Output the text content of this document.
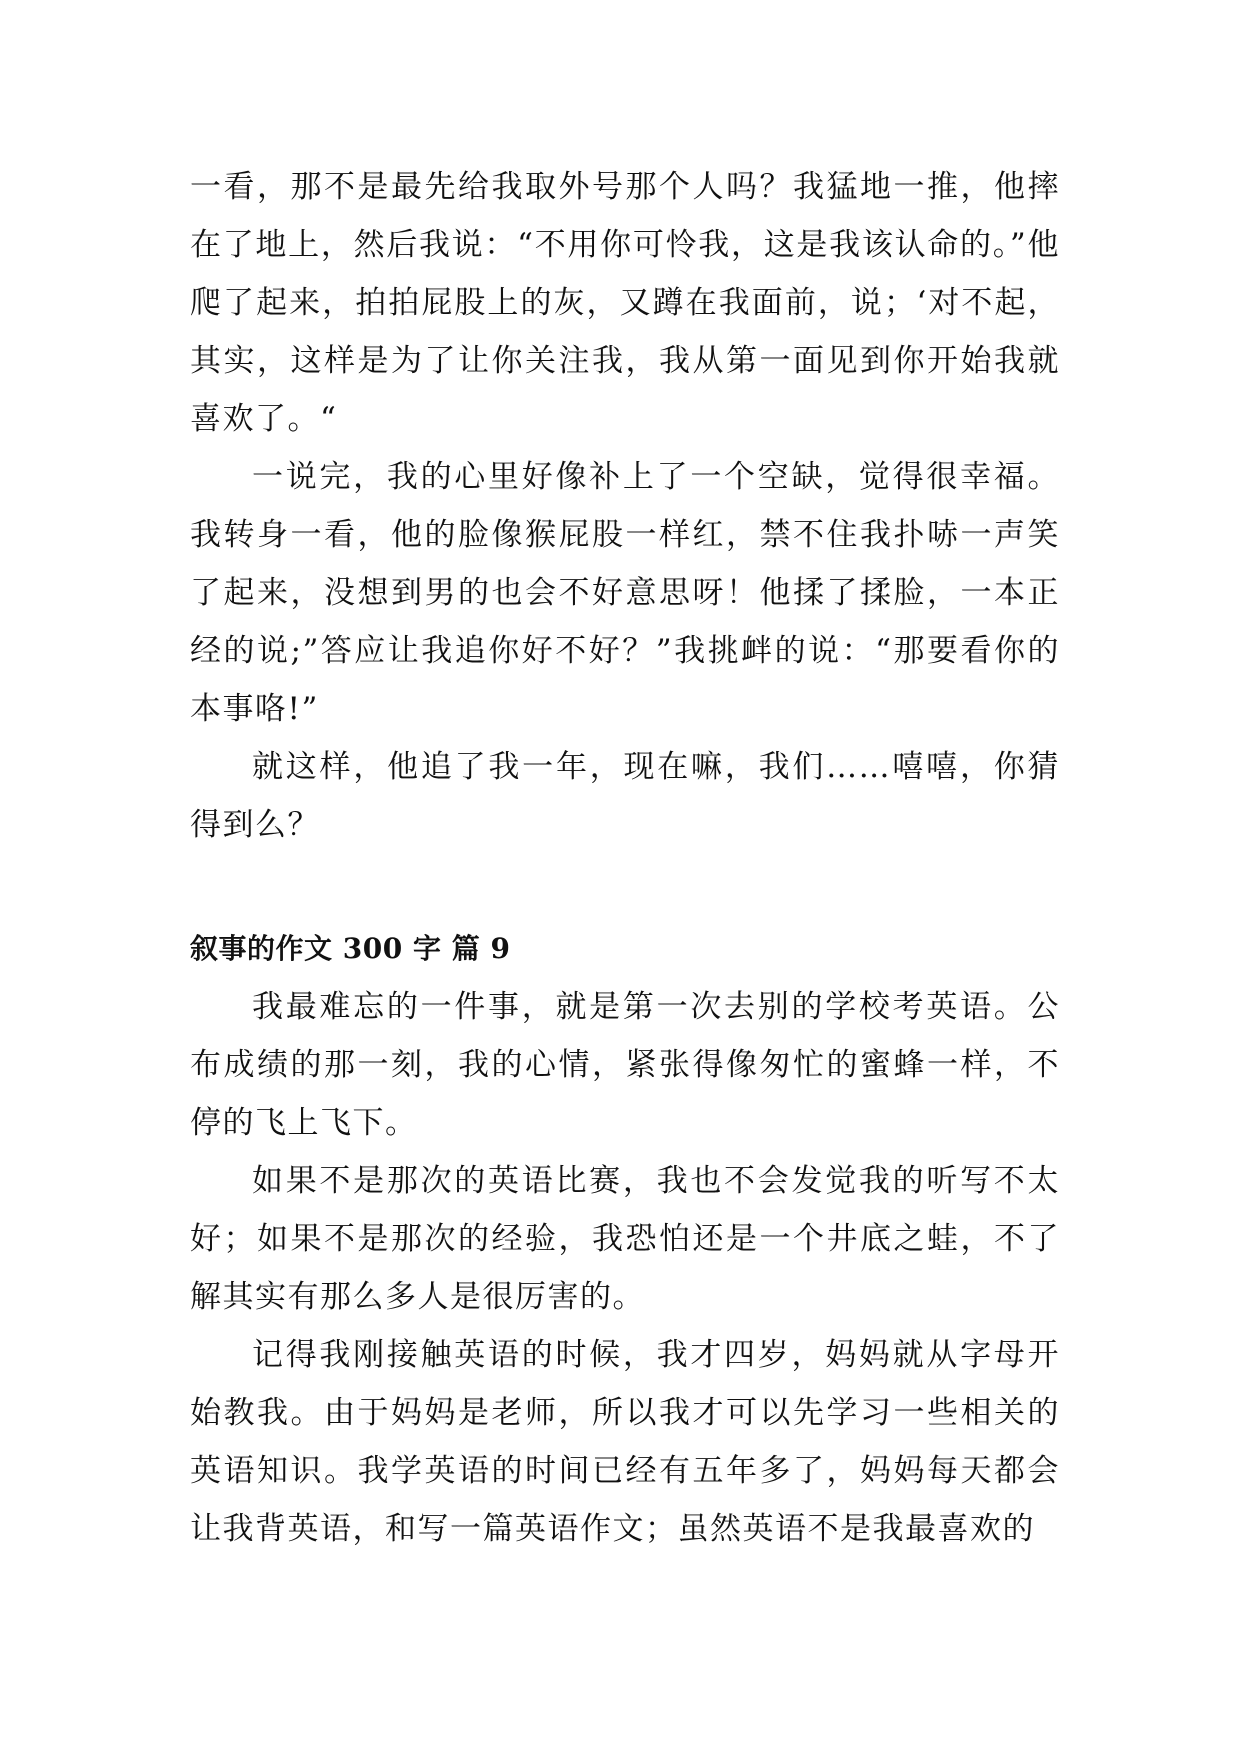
一看，那不是最先给我取外号那个人吗？我猛地一推，他摔在了地上，然后我说：“不用你可怜我，这是我该认命的。”他爬了起来，拍拍屁股上的灰，又蹲在我面前，说；‘对不起，其实，这样是为了让你关注我，我从第一面见到你开始我就喜欢了。“

一说完，我的心里好像补上了一个空缺，觉得很幸福。我转身一看，他的脸像猴屁股一样红，禁不住我扑哧一声笑了起来，没想到男的也会不好意思呀！他揉了揉脸，一本正经的说;”答应让我追你好不好？”我挑衅的说：“那要看你的本事咯!”

就这样，他追了我一年，现在嘛，我们……嘻嘻，你猜得到么？

叙事的作文 300 字 篇 9

我最难忘的一件事，就是第一次去别的学校考英语。公布成绩的那一刻，我的心情，紧张得像匆忙的蜜蜂一样，不停的飞上飞下。

如果不是那次的英语比赛，我也不会发觉我的听写不太好；如果不是那次的经验，我恐怕还是一个井底之蛙，不了解其实有那么多人是很厉害的。

记得我刚接触英语的时候，我才四岁，妈妈就从字母开始教我。由于妈妈是老师，所以我才可以先学习一些相关的英语知识。我学英语的时间已经有五年多了，妈妈每天都会让我背英语，和写一篇英语作文；虽然英语不是我最喜欢的
